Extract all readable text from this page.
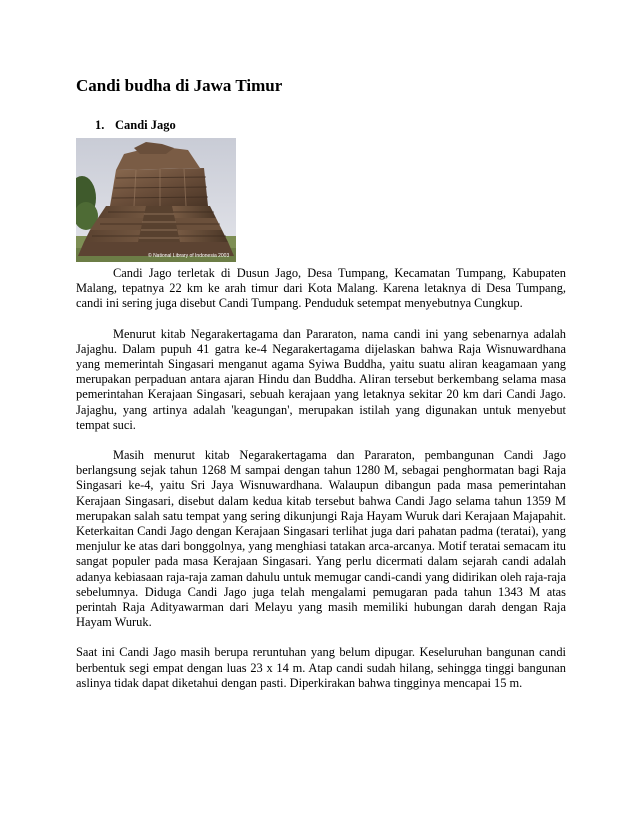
Candi budha di Jawa Timur
1. Candi Jago
© National Library of Indonesia 2003

Candi Jago terletak di Dusun Jago, Desa Tumpang, Kecamatan Tumpang, Kabupaten Malang, tepatnya 22 km ke arah timur dari Kota Malang. Karena letaknya di Desa Tumpang, candi ini sering juga disebut Candi Tumpang. Penduduk setempat menyebutnya Cungkup.

Menurut kitab Negarakertagama dan Pararaton, nama candi ini yang sebenarnya adalah Jajaghu. Dalam pupuh 41 gatra ke-4 Negarakertagama dijelaskan bahwa Raja Wisnuwardhana yang memerintah Singasari menganut agama Syiwa Buddha, yaitu suatu aliran keagamaan yang merupakan perpaduan antara ajaran Hindu dan Buddha. Aliran tersebut berkembang selama masa pemerintahan Kerajaan Singasari, sebuah kerajaan yang letaknya sekitar 20 km dari Candi Jago. Jajaghu, yang artinya adalah 'keagungan', merupakan istilah yang digunakan untuk menyebut tempat suci.

Masih menurut kitab Negarakertagama dan Pararaton, pembangunan Candi Jago berlangsung sejak tahun 1268 M sampai dengan tahun 1280 M, sebagai penghormatan bagi Raja Singasari ke-4, yaitu Sri Jaya Wisnuwardhana. Walaupun dibangun pada masa pemerintahan Kerajaan Singasari, disebut dalam kedua kitab tersebut bahwa Candi Jago selama tahun 1359 M merupakan salah satu tempat yang sering dikunjungi Raja Hayam Wuruk dari Kerajaan Majapahit. Keterkaitan Candi Jago dengan Kerajaan Singasari terlihat juga dari pahatan padma (teratai), yang menjulur ke atas dari bonggolnya, yang menghiasi tatakan arca-arcanya. Motif teratai semacam itu sangat populer pada masa Kerajaan Singasari. Yang perlu dicermati dalam sejarah candi adalah adanya kebiasaan raja-raja zaman dahulu untuk memugar candi-candi yang didirikan oleh raja-raja sebelumnya. Diduga Candi Jago juga telah mengalami pemugaran pada tahun 1343 M atas perintah Raja Adityawarman dari Melayu yang masih memiliki hubungan darah dengan Raja Hayam Wuruk.

Saat ini Candi Jago masih berupa reruntuhan yang belum dipugar. Keseluruhan bangunan candi berbentuk segi empat dengan luas 23 x 14 m. Atap candi sudah hilang, sehingga tinggi bangunan aslinya tidak dapat diketahui dengan pasti. Diperkirakan bahwa tingginya mencapai 15 m.
